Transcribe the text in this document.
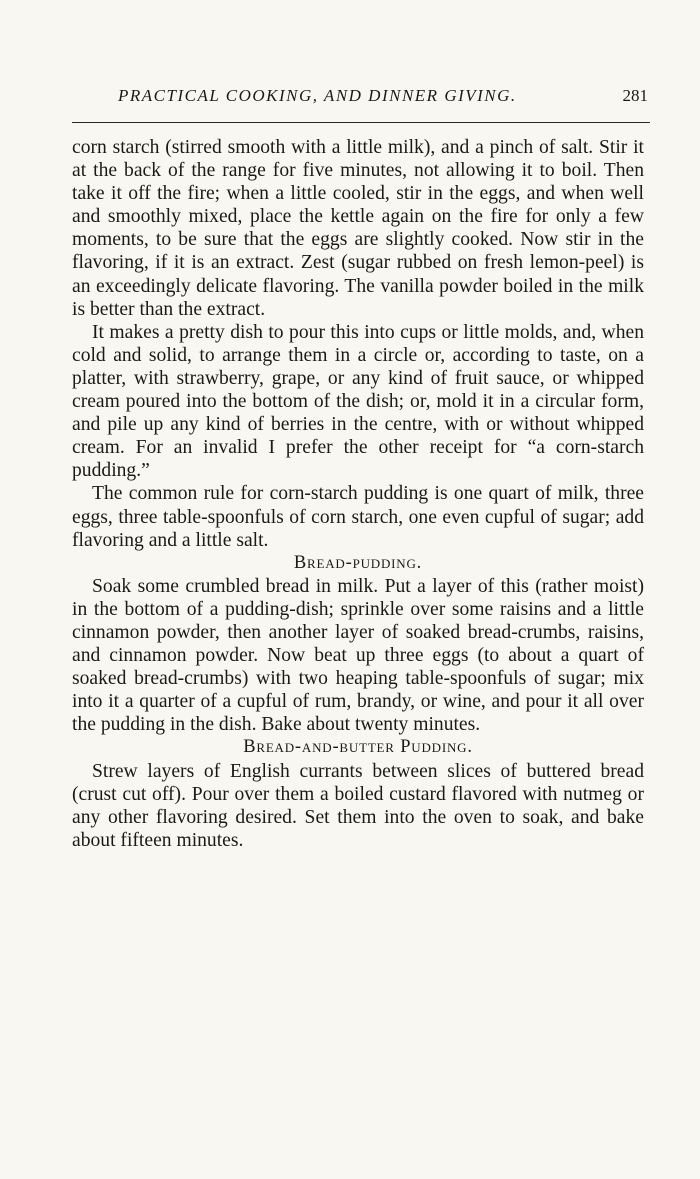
PRACTICAL COOKING, AND DINNER GIVING.	281

corn starch (stirred smooth with a little milk), and a pinch of salt. Stir it at the back of the range for five minutes, not allowing it to boil. Then take it off the fire; when a little cooled, stir in the eggs, and when well and smoothly mixed, place the kettle again on the fire for only a few moments, to be sure that the eggs are slightly cooked. Now stir in the flavoring, if it is an extract. Zest (sugar rubbed on fresh lemon-peel) is an exceedingly delicate flavoring. The vanilla powder boiled in the milk is better than the extract.

It makes a pretty dish to pour this into cups or little molds, and, when cold and solid, to arrange them in a circle or, according to taste, on a platter, with strawberry, grape, or any kind of fruit sauce, or whipped cream poured into the bottom of the dish; or, mold it in a circular form, and pile up any kind of berries in the centre, with or without whipped cream. For an invalid I prefer the other receipt for “a corn-starch pudding.”

The common rule for corn-starch pudding is one quart of milk, three eggs, three table-spoonfuls of corn starch, one even cupful of sugar; add flavoring and a little salt.

Bread-pudding.

Soak some crumbled bread in milk. Put a layer of this (rather moist) in the bottom of a pudding-dish; sprinkle over some raisins and a little cinnamon powder, then another layer of soaked bread-crumbs, raisins, and cinnamon powder. Now beat up three eggs (to about a quart of soaked bread-crumbs) with two heaping table-spoonfuls of sugar; mix into it a quarter of a cupful of rum, brandy, or wine, and pour it all over the pudding in the dish. Bake about twenty minutes.

Bread-and-butter Pudding.

Strew layers of English currants between slices of buttered bread (crust cut off). Pour over them a boiled custard flavored with nutmeg or any other flavoring desired. Set them into the oven to soak, and bake about fifteen minutes.
